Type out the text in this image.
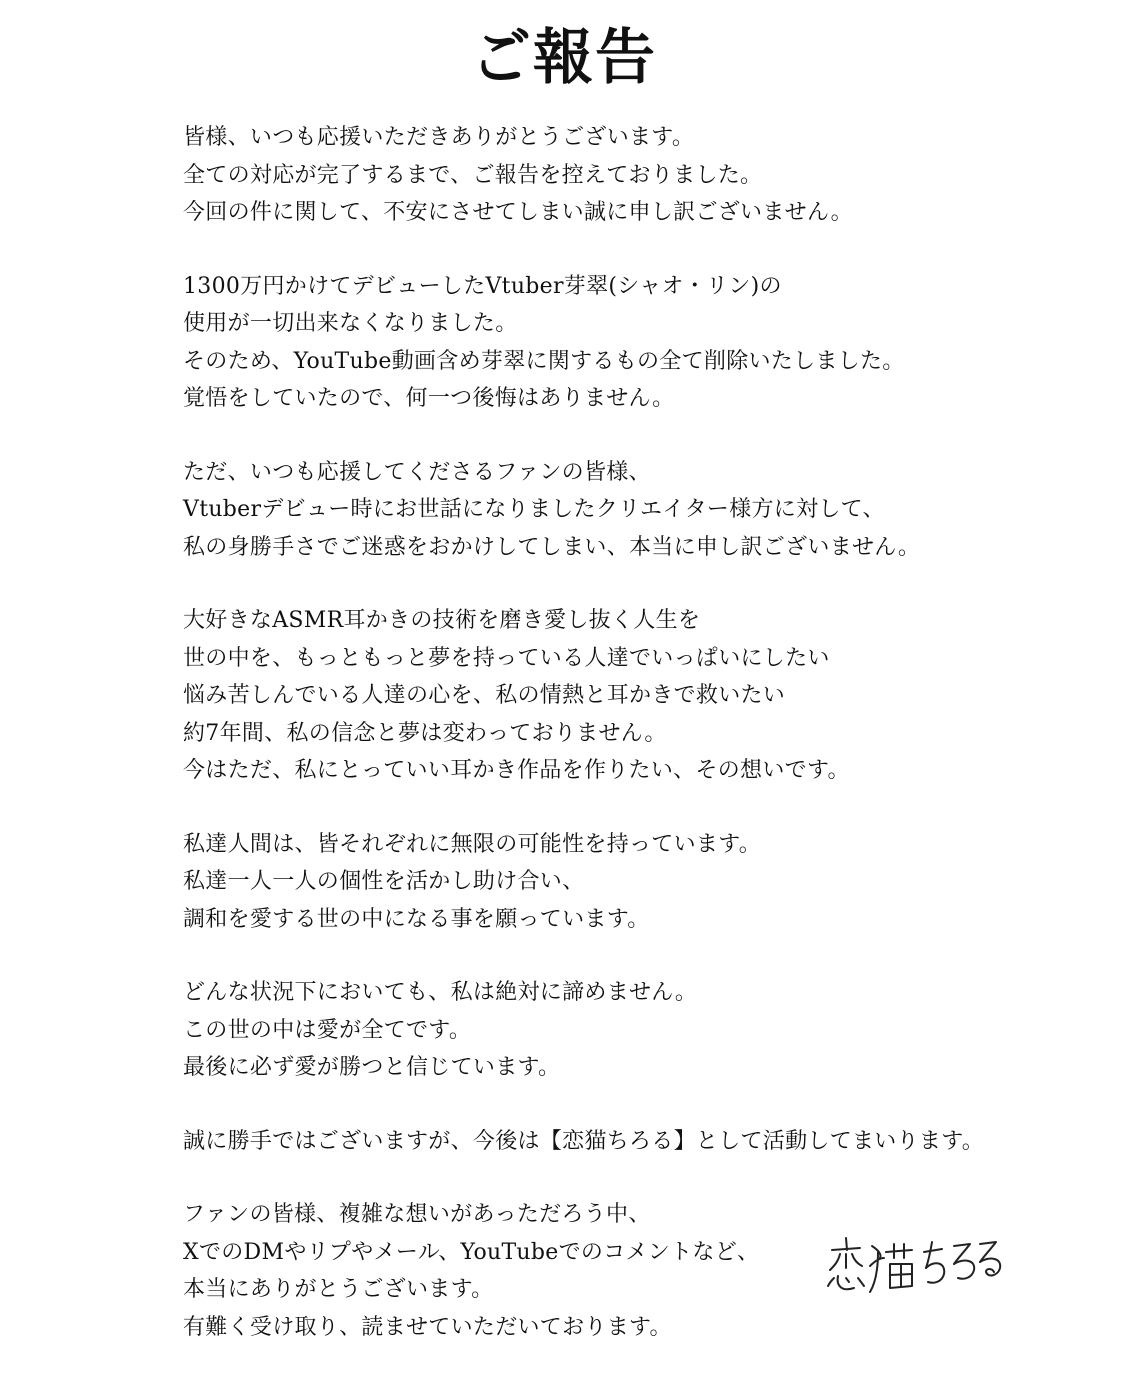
ご報告
皆様、いつも応援いただきありがとうございます。
全ての対応が完了するまで、ご報告を控えておりました。
今回の件に関して、不安にさせてしまい誠に申し訳ございません。
1300万円かけてデビューしたVtuber芽翠(シャオ・リン)の
使用が一切出来なくなりました。
そのため、YouTube動画含め芽翠に関するもの全て削除いたしました。
覚悟をしていたので、何一つ後悔はありません。
ただ、いつも応援してくださるファンの皆様、
Vtuberデビュー時にお世話になりましたクリエイター様方に対して、
私の身勝手さでご迷惑をおかけしてしまい、本当に申し訳ございません。
大好きなASMR耳かきの技術を磨き愛し抜く人生を
世の中を、もっともっと夢を持っている人達でいっぱいにしたい
悩み苦しんでいる人達の心を、私の情熱と耳かきで救いたい
約7年間、私の信念と夢は変わっておりません。
今はただ、私にとっていい耳かき作品を作りたい、その想いです。
私達人間は、皆それぞれに無限の可能性を持っています。
私達一人一人の個性を活かし助け合い、
調和を愛する世の中になる事を願っています。
どんな状況下においても、私は絶対に諦めません。
この世の中は愛が全てです。
最後に必ず愛が勝つと信じています。
誠に勝手ではございますが、今後は【恋猫ちろる】として活動してまいります。
ファンの皆様、複雑な想いがあっただろう中、
XでのDMやリプやメール、YouTubeでのコメントなど、
本当にありがとうございます。
有難く受け取り、読ませていただいております。
